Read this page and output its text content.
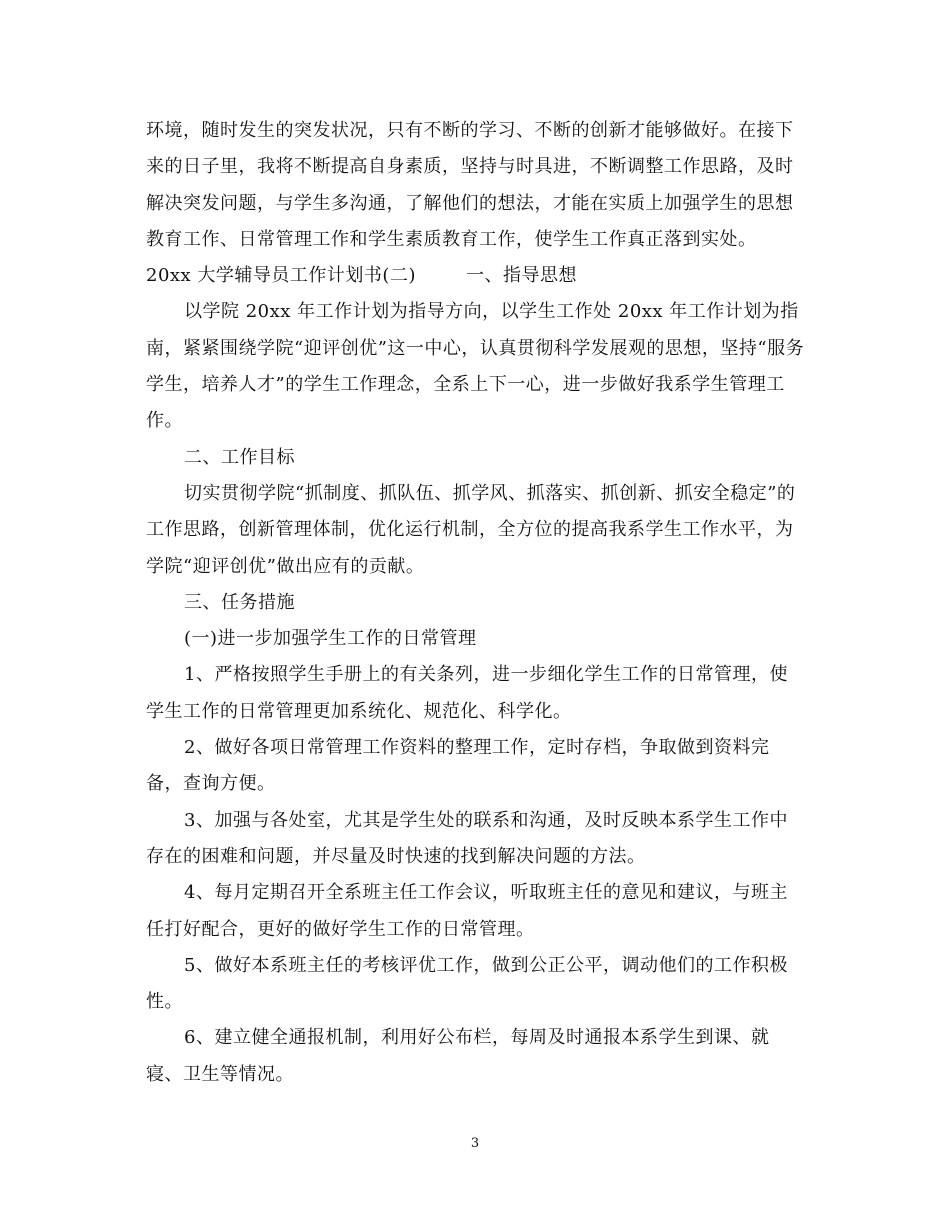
环境，随时发生的突发状况，只有不断的学习、不断的创新才能够做好。在接下
来的日子里，我将不断提高自身素质，坚持与时具进，不断调整工作思路，及时
解决突发问题，与学生多沟通，了解他们的想法，才能在实质上加强学生的思想
教育工作、日常管理工作和学生素质教育工作，使学生工作真正落到实处。
20xx 大学辅导员工作计划书(二)	一、指导思想
以学院 20xx 年工作计划为指导方向，以学生工作处 20xx 年工作计划为指
南，紧紧围绕学院“迎评创优”这一中心，认真贯彻科学发展观的思想，坚持“服务
学生，培养人才”的学生工作理念，全系上下一心，进一步做好我系学生管理工
作。
二、工作目标
切实贯彻学院“抓制度、抓队伍、抓学风、抓落实、抓创新、抓安全稳定”的
工作思路，创新管理体制，优化运行机制，全方位的提高我系学生工作水平，为
学院“迎评创优”做出应有的贡献。
三、任务措施
(一)进一步加强学生工作的日常管理
1、严格按照学生手册上的有关条列，进一步细化学生工作的日常管理，使
学生工作的日常管理更加系统化、规范化、科学化。
2、做好各项日常管理工作资料的整理工作，定时存档，争取做到资料完
备，查询方便。
3、加强与各处室，尤其是学生处的联系和沟通，及时反映本系学生工作中
存在的困难和问题，并尽量及时快速的找到解决问题的方法。
4、每月定期召开全系班主任工作会议，听取班主任的意见和建议，与班主
任打好配合，更好的做好学生工作的日常管理。
5、做好本系班主任的考核评优工作，做到公正公平，调动他们的工作积极
性。
6、建立健全通报机制，利用好公布栏，每周及时通报本系学生到课、就
寝、卫生等情况。
3
